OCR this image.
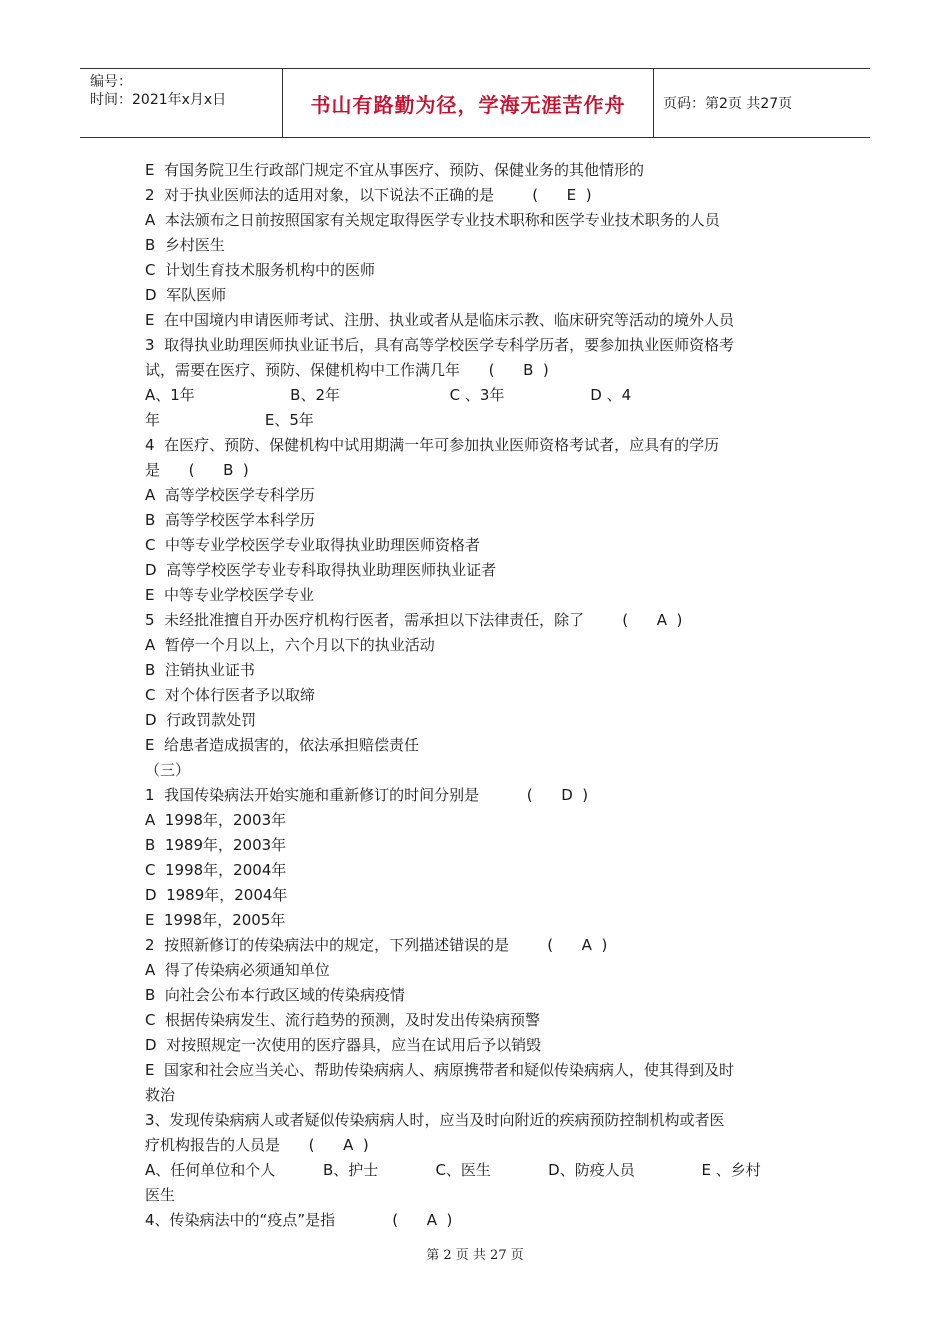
编号：
时间：2021年x月x日	书山有路勤为径，学海无涯苦作舟	页码：第2页 共27页
E  有国务院卫生行政部门规定不宜从事医疗、预防、保健业务的其他情形的
2  对于执业医师法的适用对象，以下说法不正确的是        (      E  )
A  本法颁布之日前按照国家有关规定取得医学专业技术职称和医学专业技术职务的人员
B  乡村医生
C  计划生育技术服务机构中的医师
D  军队医师
E  在中国境内申请医师考试、注册、执业或者从是临床示教、临床研究等活动的境外人员
3  取得执业助理医师执业证书后，具有高等学校医学专科学历者，要参加执业医师资格考
试，需要在医疗、预防、保健机构中工作满几年      (      B  )
A、1年                    B、2年                       C 、3年                  D 、4
年                      E、5年
4  在医疗、预防、保健机构中试用期满一年可参加执业医师资格考试者，应具有的学历
是      (      B  )
A  高等学校医学专科学历
B  高等学校医学本科学历
C  中等专业学校医学专业取得执业助理医师资格者
D  高等学校医学专业专科取得执业助理医师执业证者
E  中等专业学校医学专业
5  未经批准擅自开办医疗机构行医者，需承担以下法律责任，除了        (      A  )
A  暂停一个月以上，六个月以下的执业活动
B  注销执业证书
C  对个体行医者予以取缔
D  行政罚款处罚
E  给患者造成损害的，依法承担赔偿责任
（三）
1  我国传染病法开始实施和重新修订的时间分别是          (      D  )
A  1998年，2003年
B  1989年，2003年
C  1998年，2004年
D  1989年，2004年
E  1998年，2005年
2  按照新修订的传染病法中的规定，下列描述错误的是        (      A  )
A  得了传染病必须通知单位
B  向社会公布本行政区域的传染病疫情
C  根据传染病发生、流行趋势的预测，及时发出传染病预警
D  对按照规定一次使用的医疗器具，应当在试用后予以销毁
E  国家和社会应当关心、帮助传染病病人、病原携带者和疑似传染病病人，使其得到及时
救治
3、发现传染病病人或者疑似传染病病人时，应当及时向附近的疾病预防控制机构或者医
疗机构报告的人员是      (      A  )
A、任何单位和个人          B、护士            C、医生            D、防疫人员              E 、乡村
医生
4、传染病法中的“疫点”是指            (      A  )
第 2 页 共 27 页
